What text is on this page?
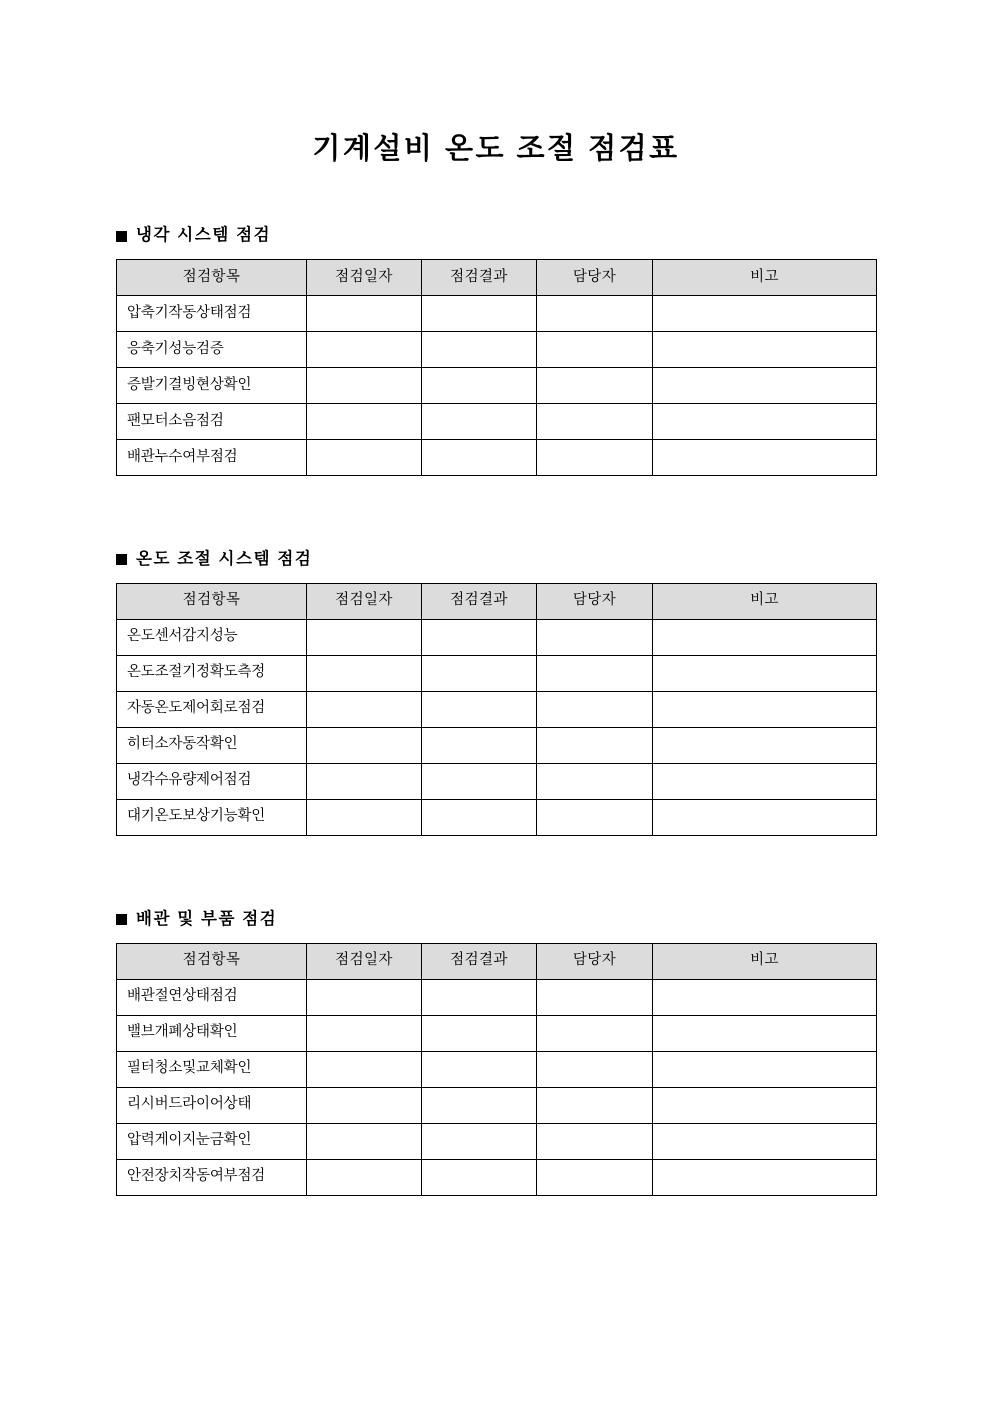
기계설비 온도 조절 점검표
냉각 시스템 점검
점검항목	점검일자	점검결과	담당자	비고
압축기작동상태점검				
응축기성능검증				
증발기결빙현상확인				
팬모터소음점검				
배관누수여부점검				
온도 조절 시스템 점검
점검항목	점검일자	점검결과	담당자	비고
온도센서감지성능				
온도조절기정확도측정				
자동온도제어회로점검				
히터소자동작확인				
냉각수유량제어점검				
대기온도보상기능확인				
배관 및 부품 점검
점검항목	점검일자	점검결과	담당자	비고
배관절연상태점검				
밸브개폐상태확인				
필터청소및교체확인				
리시버드라이어상태				
압력게이지눈금확인				
안전장치작동여부점검				
